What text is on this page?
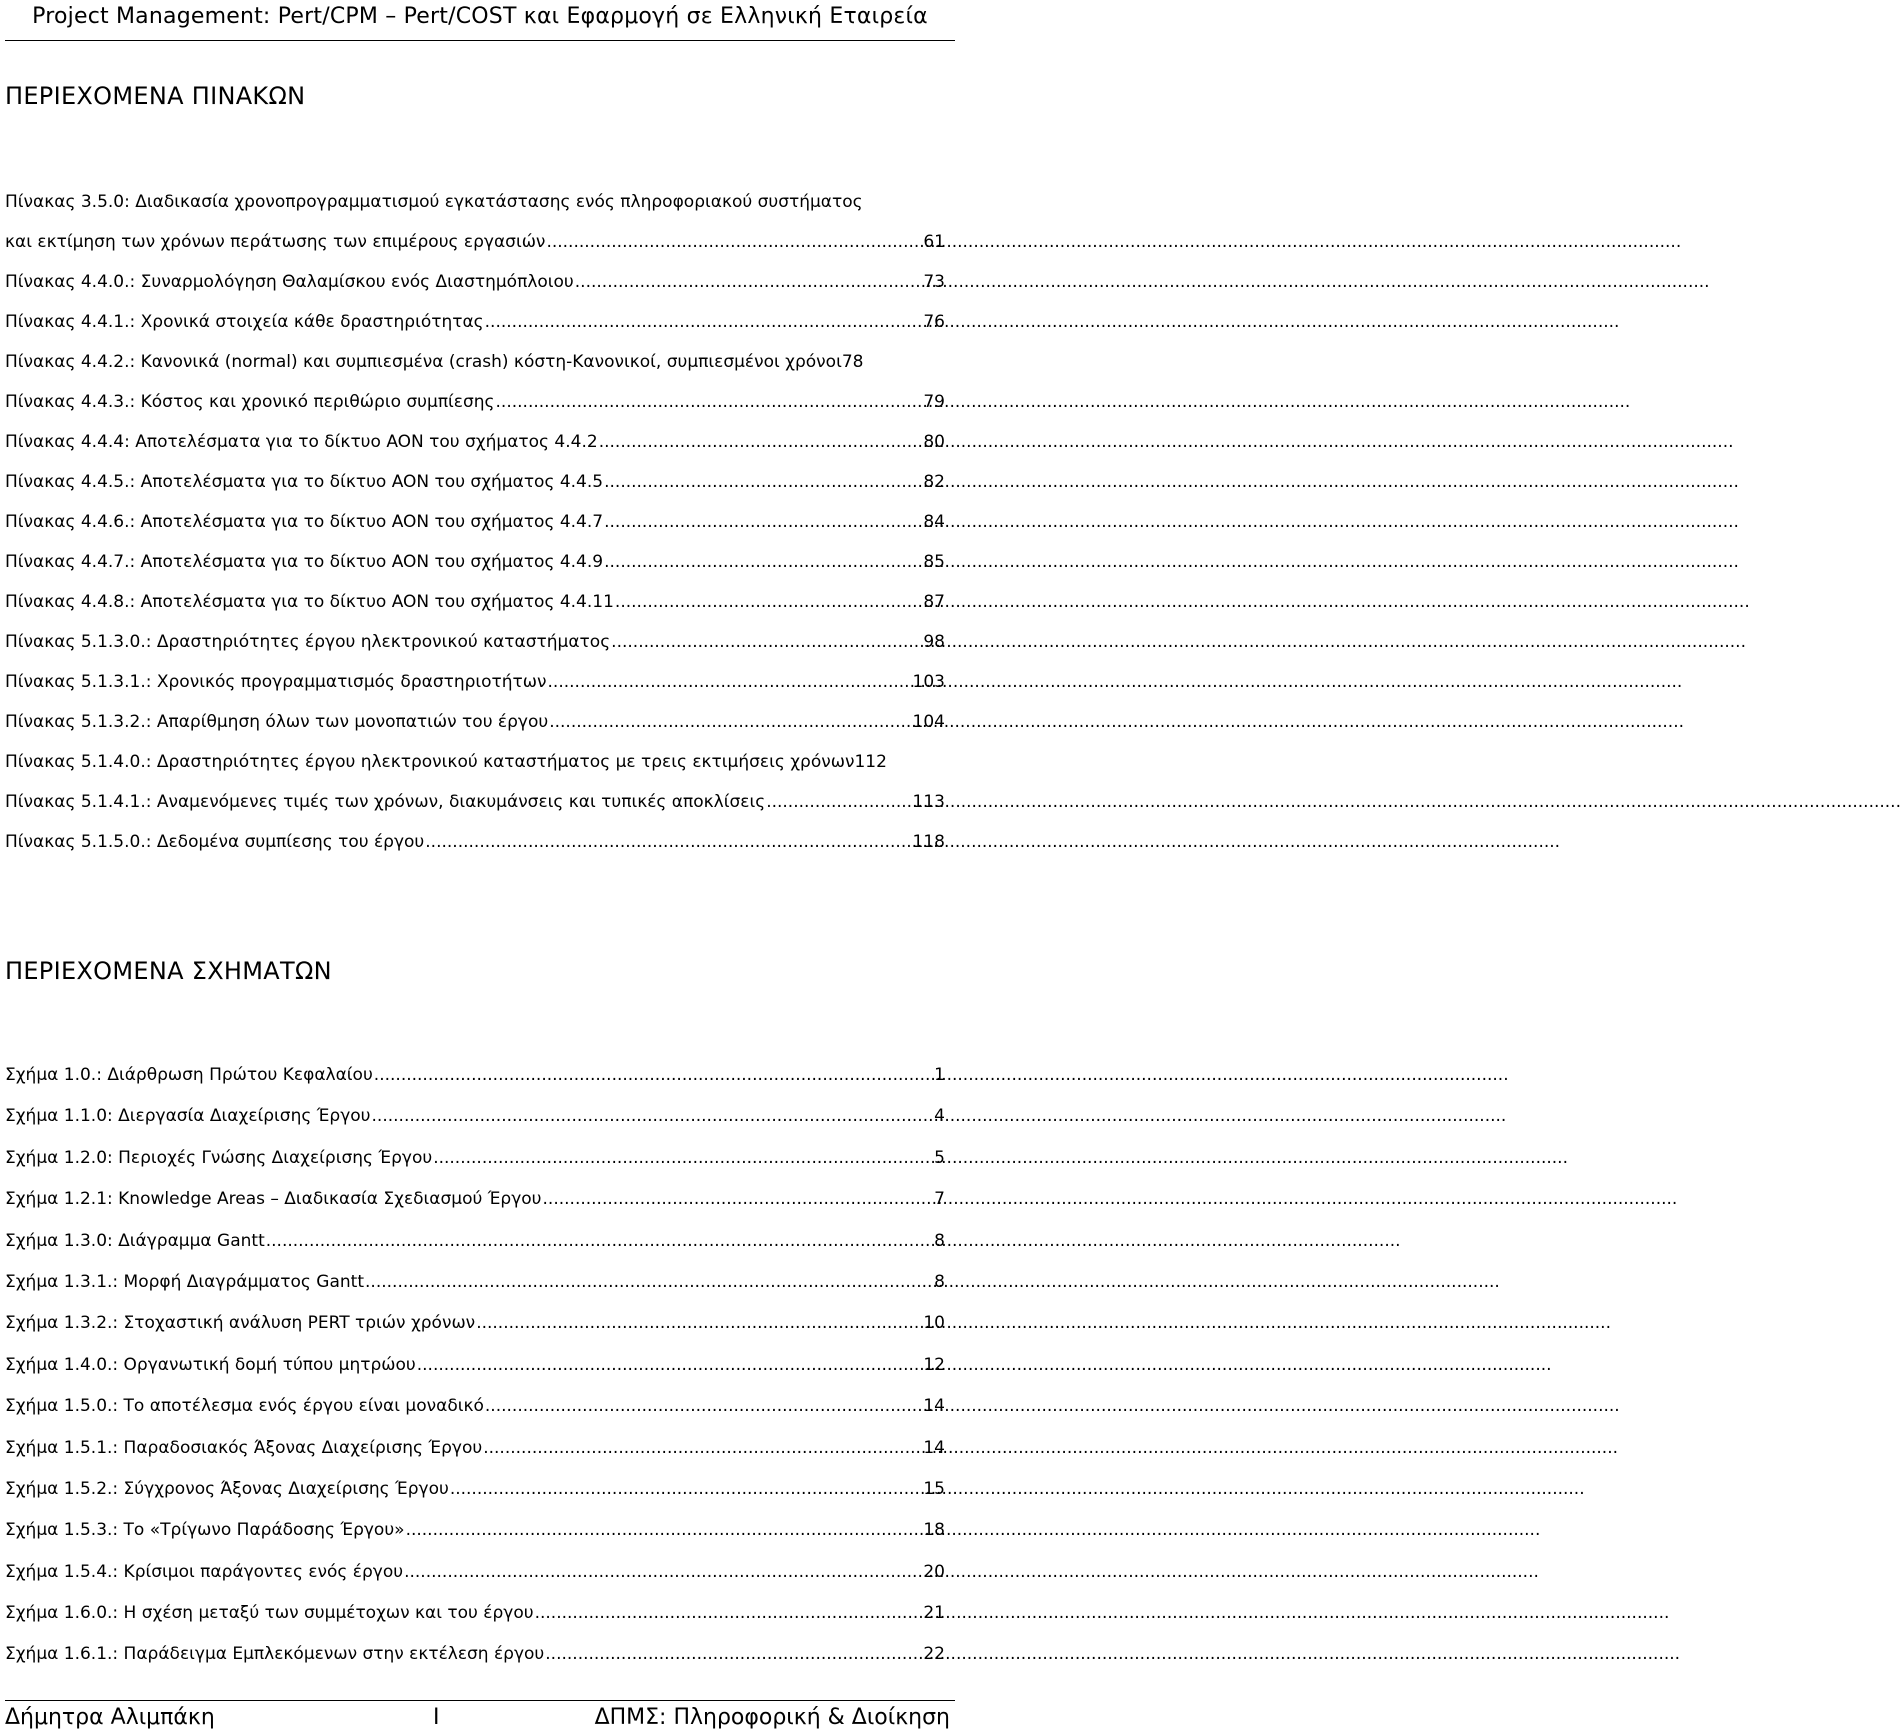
Project Management: Pert/CPM – Pert/COST και Εφαρμογή σε Ελληνική Εταιρεία
ΠΕΡΙΕΧΟΜΕΝΑ ΠΙΝΑΚΩΝ
Πίνακας 3.5.0: Διαδικασία χρονοπρογραμματισμού εγκατάστασης ενός πληροφοριακού συστήματος
και εκτίμηση των χρόνων περάτωσης των επιμέρους εργασιών .....	61
Πίνακας 4.4.0.: Συναρμολόγηση Θαλαμίσκου ενός Διαστημόπλοιου .....	73
Πίνακας 4.4.1.: Χρονικά στοιχεία κάθε δραστηριότητας .....	76
Πίνακας 4.4.2.: Κανονικά (normal) και συμπιεσμένα (crash) κόστη-Κανονικοί, συμπιεσμένοι χρόνοι 78
Πίνακας 4.4.3.: Κόστος και χρονικό περιθώριο συμπίεσης .....	79
Πίνακας 4.4.4: Αποτελέσματα για το δίκτυο AON του σχήματος 4.4.2 .....	80
Πίνακας 4.4.5.: Αποτελέσματα για το δίκτυο AON του σχήματος 4.4.5 .....	82
Πίνακας 4.4.6.: Αποτελέσματα για το δίκτυο AON του σχήματος 4.4.7 .....	84
Πίνακας 4.4.7.: Αποτελέσματα για το δίκτυο AON του σχήματος 4.4.9 .....	85
Πίνακας 4.4.8.: Αποτελέσματα για το δίκτυο AON του σχήματος 4.4.11 .....	87
Πίνακας 5.1.3.0.: Δραστηριότητες έργου ηλεκτρονικού καταστήματος .....	98
Πίνακας 5.1.3.1.: Χρονικός προγραμματισμός δραστηριοτήτων .....	103
Πίνακας 5.1.3.2.: Απαρίθμηση όλων των μονοπατιών του έργου .....	104
Πίνακας 5.1.4.0.: Δραστηριότητες έργου ηλεκτρονικού καταστήματος με τρεις εκτιμήσεις χρόνων 112
Πίνακας 5.1.4.1.: Αναμενόμενες τιμές των χρόνων, διακυμάνσεις και τυπικές αποκλίσεις .....	113
Πίνακας 5.1.5.0.: Δεδομένα συμπίεσης του έργου .....	118
ΠΕΡΙΕΧΟΜΕΝΑ ΣΧΗΜΑΤΩΝ
Σχήμα 1.0.: Διάρθρωση Πρώτου Κεφαλαίου .....	1
Σχήμα 1.1.0: Διεργασία Διαχείρισης Έργου .....	4
Σχήμα 1.2.0: Περιοχές Γνώσης Διαχείρισης Έργου .....	5
Σχήμα 1.2.1: Knowledge Areas – Διαδικασία Σχεδιασμού Έργου .....	7
Σχήμα 1.3.0: Διάγραμμα Gantt .....	8
Σχήμα 1.3.1.: Μορφή Διαγράμματος Gantt .....	8
Σχήμα 1.3.2.: Στοχαστική ανάλυση PERT τριών χρόνων .....	10
Σχήμα 1.4.0.: Οργανωτική δομή τύπου μητρώου .....	12
Σχήμα 1.5.0.: Το αποτέλεσμα ενός έργου είναι μοναδικό .....	14
Σχήμα 1.5.1.: Παραδοσιακός Άξονας Διαχείρισης Έργου .....	14
Σχήμα 1.5.2.: Σύγχρονος Άξονας Διαχείρισης Έργου .....	15
Σχήμα 1.5.3.: Το «Τρίγωνο Παράδοσης Έργου» .....	18
Σχήμα 1.5.4.: Κρίσιμοι παράγοντες ενός έργου .....	20
Σχήμα 1.6.0.: Η σχέση μεταξύ των συμμέτοχων και του έργου .....	21
Σχήμα 1.6.1.: Παράδειγμα Εμπλεκόμενων στην εκτέλεση έργου .....	22
Δήμητρα Αλιμπάκη	I	ΔΠΜΣ: Πληροφορική & Διοίκηση
